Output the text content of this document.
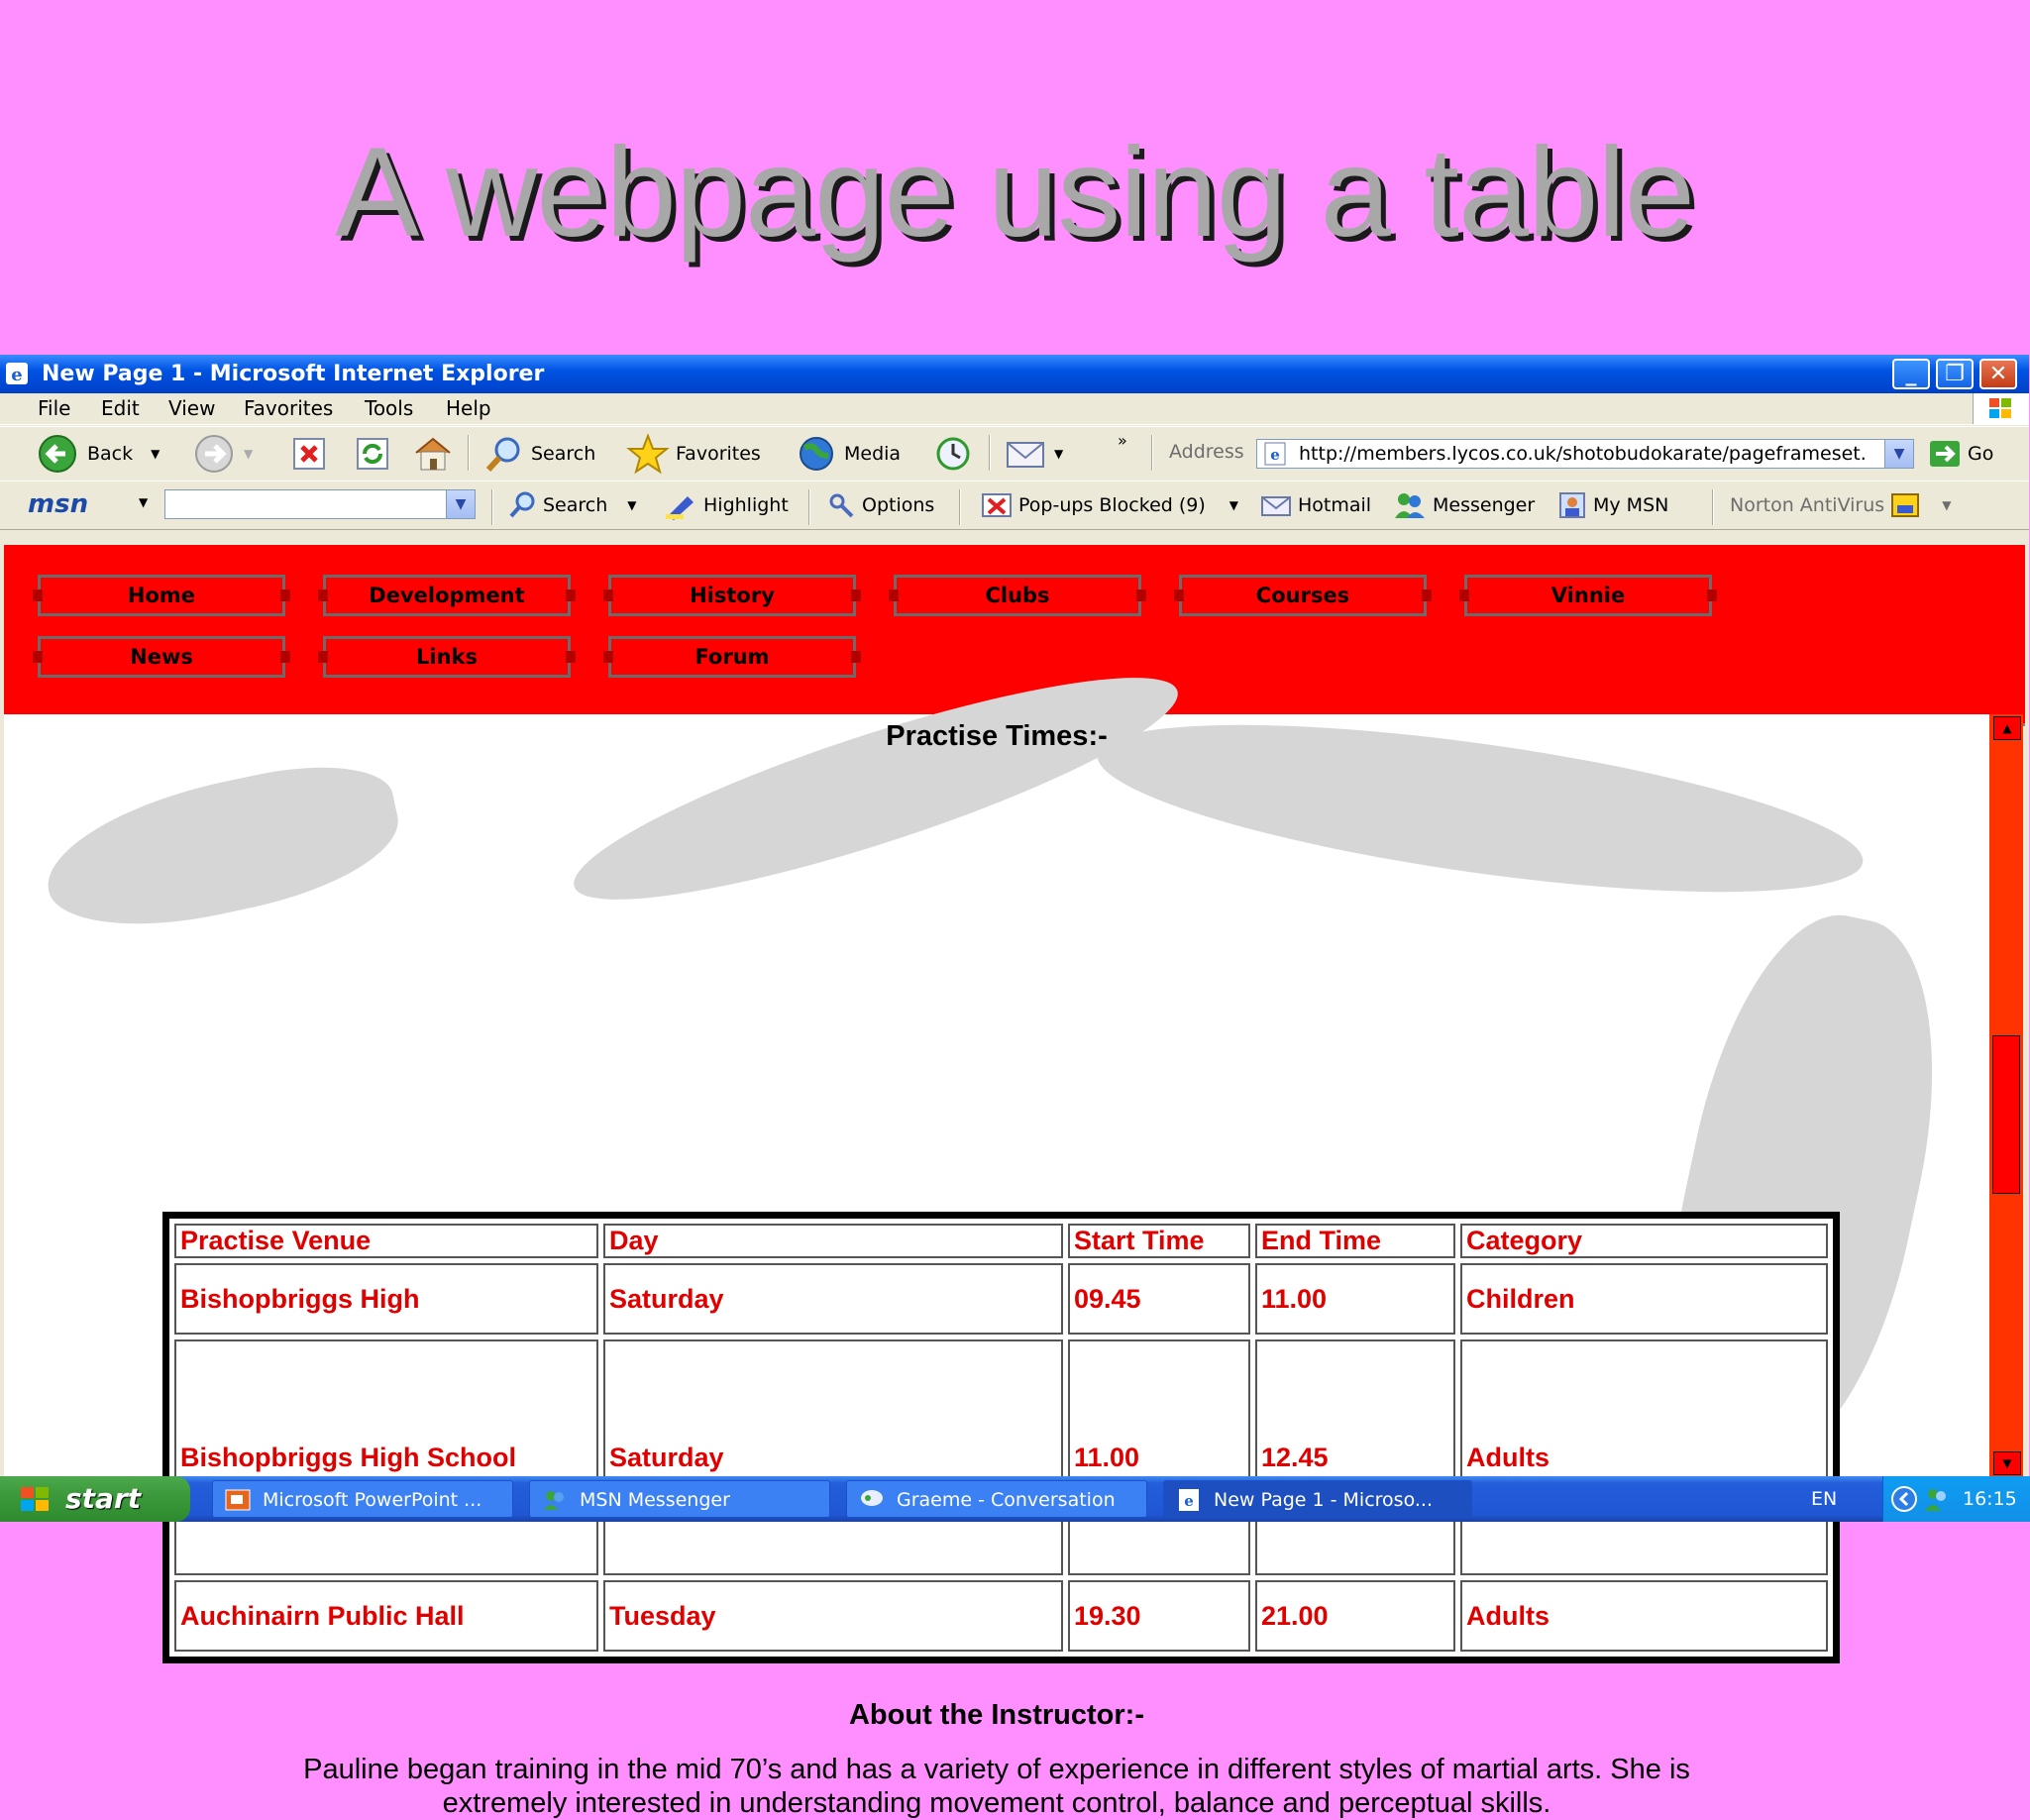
A webpage using a table
e New Page 1 - Microsoft Internet Explorer	_	❐	✕
File Edit View Favorites Tools Help
Back ▼	▼	Search	Favorites	Media	▼
»
Address e http://members.lycos.co.uk/shotobudokarate/pageframeset.	▼	Go
msn	▼	▼	Search ▼	Highlight	Options	Pop-ups Blocked (9) ▼	Hotmail	Messenger	My MSN	Norton AntiVirus	▼
Home	Development	History	Clubs	Courses	Vinnie
News	Links	Forum
Practise Times:-
Practise Venue	Day	Start Time	End Time	Category
Bishopbriggs High	Saturday	09.45	11.00	Children
Bishopbriggs High School	Saturday	11.00	12.45	Adults
Auchinairn Public Hall	Tuesday	19.30	21.00	Adults
About the Instructor:-
Pauline began training in the mid 70’s and has a variety of experience in different styles of martial arts. She is
extremely interested in understanding movement control, balance and perceptual skills.
▲
▼
start	Microsoft PowerPoint ...	MSN Messenger	Graeme - Conversation	e New Page 1 - Microso...	EN	16:15
